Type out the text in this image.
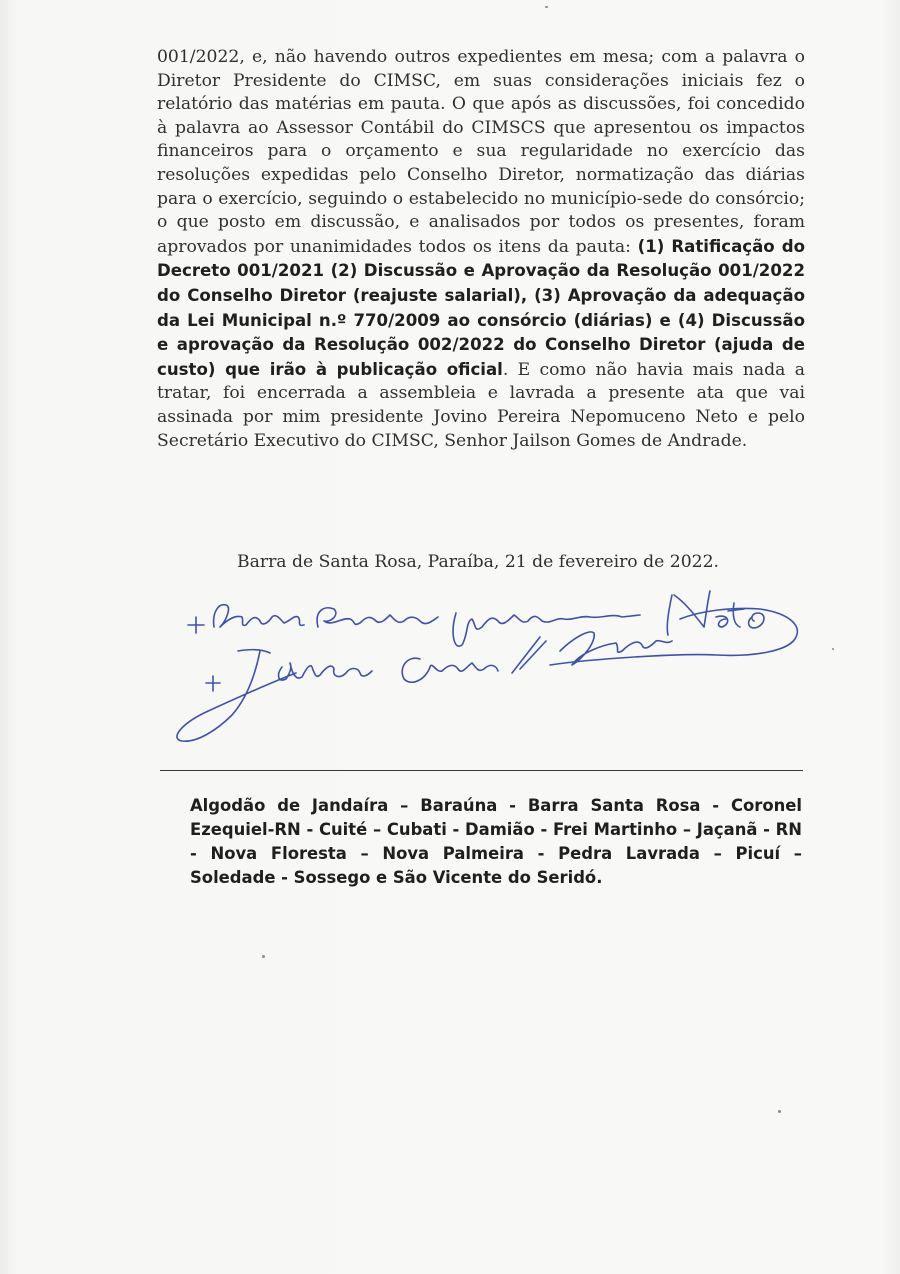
001/2022, e, não havendo outros expedientes em mesa; com a palavra o Diretor Presidente do CIMSC, em suas considerações iniciais fez o relatório das matérias em pauta. O que após as discussões, foi concedido à palavra ao Assessor Contábil do CIMSCS que apresentou os impactos financeiros para o orçamento e sua regularidade no exercício das resoluções expedidas pelo Conselho Diretor, normatização das diárias para o exercício, seguindo o estabelecido no município-sede do consórcio; o que posto em discussão, e analisados por todos os presentes, foram aprovados por unanimidades todos os itens da pauta: (1) Ratificação do Decreto 001/2021 (2) Discussão e Aprovação da Resolução 001/2022 do Conselho Diretor (reajuste salarial), (3) Aprovação da adequação da Lei Municipal n.º 770/2009 ao consórcio (diárias) e (4) Discussão e aprovação da Resolução 002/2022 do Conselho Diretor (ajuda de custo) que irão à publicação oficial. E como não havia mais nada a tratar, foi encerrada a assembleia e lavrada a presente ata que vai assinada por mim presidente Jovino Pereira Nepomuceno Neto e pelo Secretário Executivo do CIMSC, Senhor Jailson Gomes de Andrade.
Barra de Santa Rosa, Paraíba, 21 de fevereiro de 2022.
Algodão de Jandaíra – Baraúna - Barra Santa Rosa - Coronel Ezequiel-RN - Cuité – Cubati - Damião - Frei Martinho – Jaçanã - RN - Nova Floresta – Nova Palmeira - Pedra Lavrada – Picuí – Soledade - Sossego e São Vicente do Seridó.
